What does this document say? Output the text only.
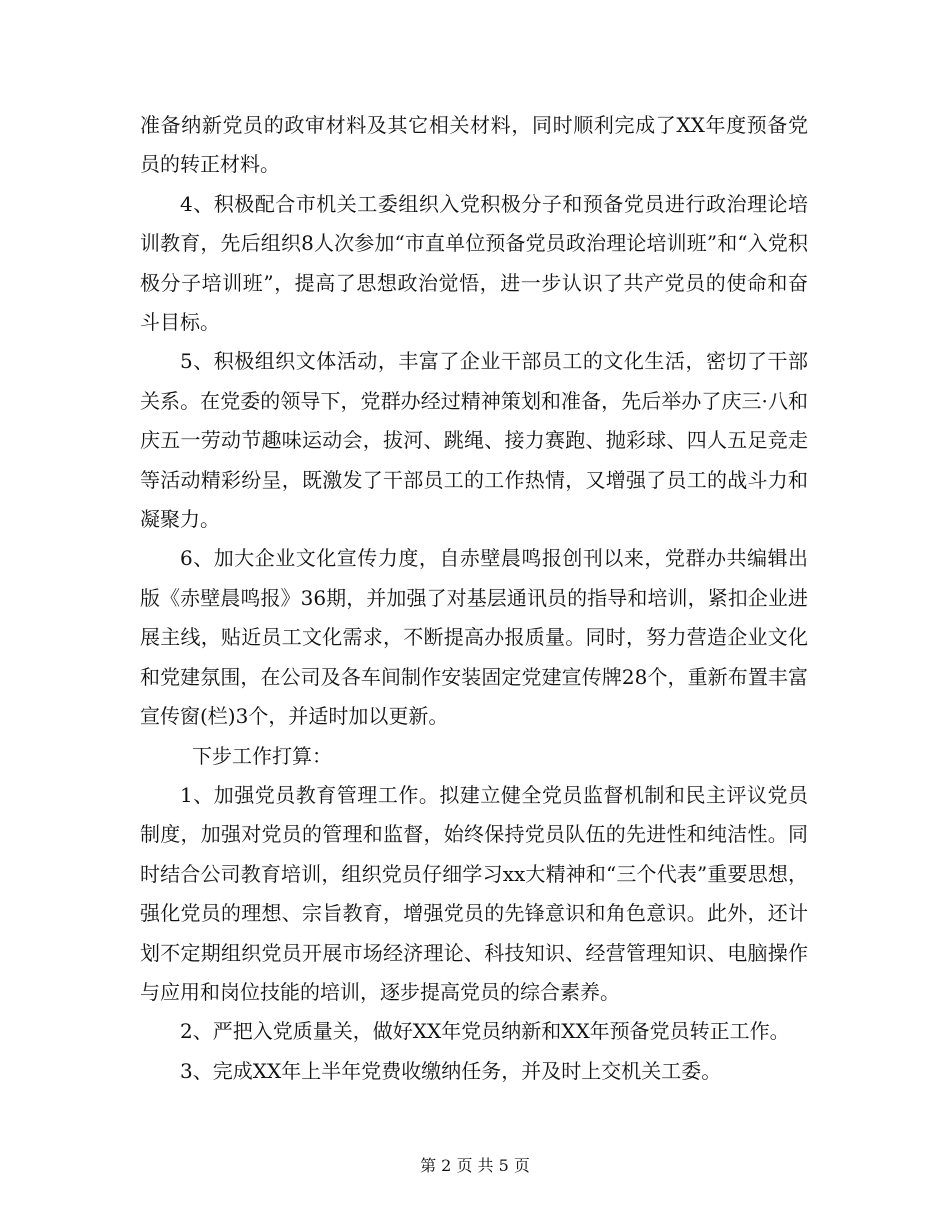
准备纳新党员的政审材料及其它相关材料，同时顺利完成了XX年度预备党员的转正材料。

4、积极配合市机关工委组织入党积极分子和预备党员进行政治理论培训教育，先后组织8人次参加“市直单位预备党员政治理论培训班”和“入党积极分子培训班”，提高了思想政治觉悟，进一步认识了共产党员的使命和奋斗目标。

5、积极组织文体活动，丰富了企业干部员工的文化生活，密切了干部关系。在党委的领导下，党群办经过精神策划和准备，先后举办了庆三·八和庆五一劳动节趣味运动会，拔河、跳绳、接力赛跑、抛彩球、四人五足竞走等活动精彩纷呈，既激发了干部员工的工作热情，又增强了员工的战斗力和凝聚力。

6、加大企业文化宣传力度，自赤壁晨鸣报创刊以来，党群办共编辑出版《赤壁晨鸣报》36期，并加强了对基层通讯员的指导和培训，紧扣企业进展主线，贴近员工文化需求，不断提高办报质量。同时，努力营造企业文化和党建氛围，在公司及各车间制作安装固定党建宣传牌28个，重新布置丰富宣传窗(栏)3个，并适时加以更新。

下步工作打算：

1、加强党员教育管理工作。拟建立健全党员监督机制和民主评议党员制度，加强对党员的管理和监督，始终保持党员队伍的先进性和纯洁性。同时结合公司教育培训，组织党员仔细学习xx大精神和“三个代表”重要思想，强化党员的理想、宗旨教育，增强党员的先锋意识和角色意识。此外，还计划不定期组织党员开展市场经济理论、科技知识、经营管理知识、电脑操作与应用和岗位技能的培训，逐步提高党员的综合素养。

2、严把入党质量关，做好XX年党员纳新和XX年预备党员转正工作。

3、完成XX年上半年党费收缴纳任务，并及时上交机关工委。

第 2 页 共 5 页
